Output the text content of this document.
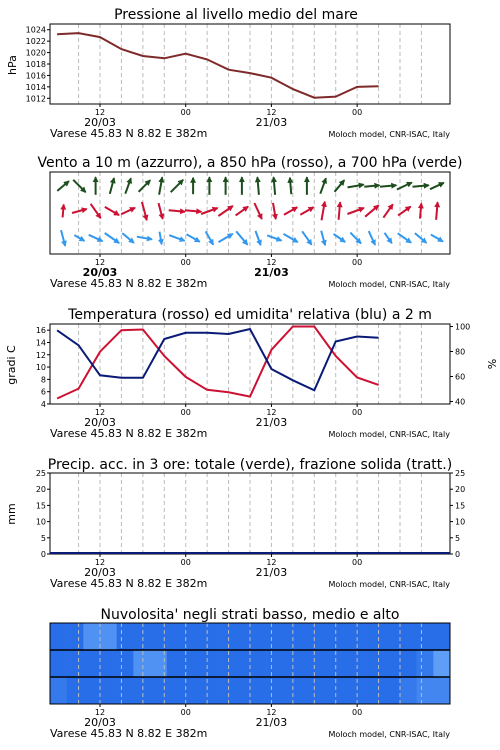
Pressione al livello medio del mare
hPa
12	00	12	00
20/03	21/03
Varese 45.83 N 8.82 E 382m	Moloch model, CNR-ISAC, Italy
1012
1014
1016
1018
1020
1022
1024
Vento a 10 m (azzurro), a 850 hPa (rosso), a 700 hPa (verde)
12	00	12	00
20/03	21/03
Varese 45.83 N 8.82 E 382m	Moloch model, CNR-ISAC, Italy
Temperatura (rosso) ed umidita' relativa (blu) a 2 m
gradi C	%
12	00	12	00
20/03	21/03
Varese 45.83 N 8.82 E 382m	Moloch model, CNR-ISAC, Italy
4
6
8
10
12
14
16
40
60
80
100
Precip. acc. in 3 ore: totale (verde), frazione solida (tratt.)
mm
12	00	12	00
20/03	21/03
Varese 45.83 N 8.82 E 382m	Moloch model, CNR-ISAC, Italy
0
5
10
15
20
25
0
5
10
15
20
25
Nuvolosita' negli strati basso, medio e alto
12	00	12	00
20/03	21/03
Varese 45.83 N 8.82 E 382m	Moloch model, CNR-ISAC, Italy
